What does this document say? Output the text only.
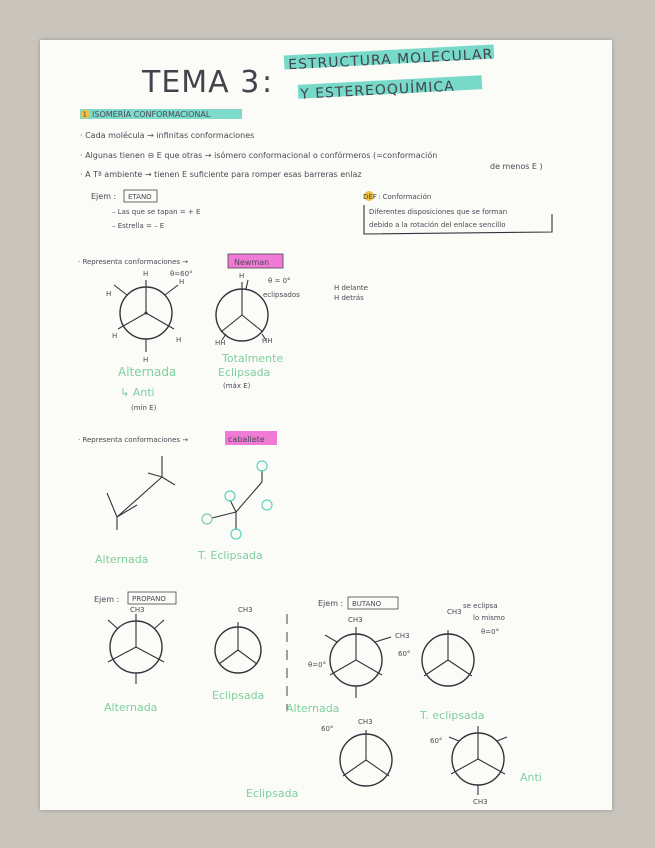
TEMA 3 :
ESTRUCTURA MOLECULAR
Y ESTEREOQUÍMICA
1 ISOMERÍA CONFORMACIONAL
· Cada molécula → infinitas conformaciones
· Algunas tienen ⊖ E que otras → isómero conformacional o confórmeros (=conformación
de menos E )
· A Tª ambiente → tienen E suficiente para romper esas barreras enlaz
Ejem : ETANO
– Las que se tapan = + E
– Estrella = – E
DEF : Conformación
Diferentes disposiciones que se forman
debido a la rotación del enlace sencillo
· Representa conformaciones →	Newman
H
H
H
H	H
H
θ=60°
Alternada
↳ Anti
(mín E)
H
HH	HH
θ = 0°
eclipsados
H delante
H detrás
Totalmente
Eclipsada
(máx E)
· Representa conformaciones →	caballete
Alternada	T. Eclipsada
Ejem : PROPANO
CH3
Alternada
CH3
Eclipsada
Ejem : BUTANO
CH3
CH3
θ=0°
60°
Alternada
CH3
se eclipsa
lo mismo
θ=0°
T. eclipsada
CH3
60°
Eclipsada
CH3
60°
Anti
